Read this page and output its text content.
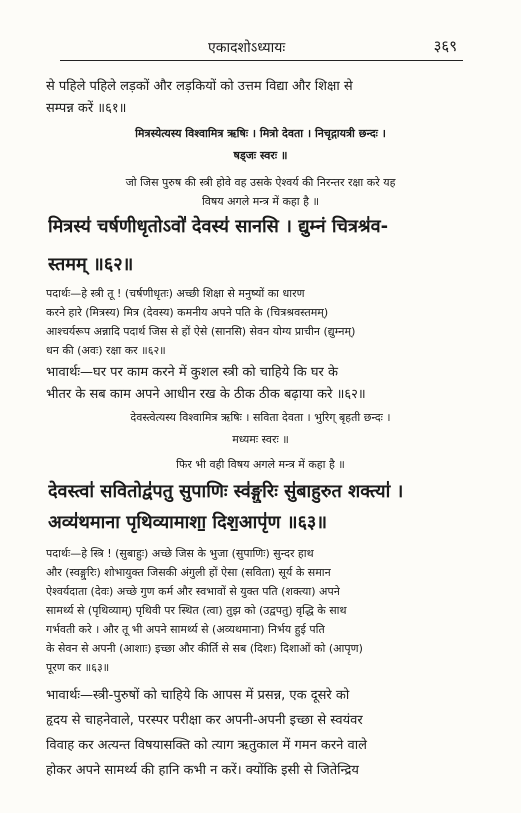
एकादशोऽध्यायः	३६९
से पहिले पहिले लड़कों और लड़कियों को उत्तम विद्या और शिक्षा से
सम्पन्न करें ॥६१॥
मित्रस्येत्यस्य विश्वामित्र ऋषिः । मित्रो देवता । निचृद्गायत्री छन्दः ।
षड्जः स्वरः ॥
जो जिस पुरुष की स्त्री होवे वह उसके ऐश्वर्य की निरन्तर रक्षा करे यह
विषय अगले मन्त्र में कहा है ॥
मित्रस्य॑ चर्षणीधृतोऽवो॑ देवस्य॑ सानसि । द्युम्नं चित्रश्र॑व-
स्तमम् ॥६२॥
पदार्थः—हे स्त्री तू ! (चर्षणीधृतः) अच्छी शिक्षा से मनुष्यों का धारण
करने हारे (मित्रस्य) मित्र (देवस्य) कमनीय अपने पति के (चित्रश्रवस्तमम्)
आश्चर्यरूप अन्नादि पदार्थ जिस से हों ऐसे (सानसि) सेवन योग्य प्राचीन (द्युम्नम्)
धन की (अवः) रक्षा कर ॥६२॥
भावार्थः—घर पर काम करने में कुशल स्त्री को चाहिये कि घर के
भीतर के सब काम अपने आधीन रख के ठीक ठीक बढ़ाया करे ॥६२॥
देवस्त्वेत्यस्य विश्वामित्र ऋषिः । सविता देवता । भुरिग् बृहती छन्दः ।
मध्यमः स्वरः ॥
फिर भी वही विषय अगले मन्त्र में कहा है ॥
देवस्त्वा॑ सवितोद्व॑पतु सुपाणिः स्व॑ङ्गुरिः सु॑बाहुरुत शक्त्या॑ ।
अव्य॑थमाना पृथिव्यामाशा॒ दिश॒आपृ॑ण ॥६३॥
पदार्थः—हे स्त्रि ! (सुबाहुः) अच्छे जिस के भुजा (सुपाणिः) सुन्दर हाथ
और (स्वङ्गुरिः) शोभायुक्त जिसकी अंगुली हों ऐसा (सविता) सूर्य के समान
ऐश्वर्यदाता (देवः) अच्छे गुण कर्म और स्वभावों से युक्त पति (शक्त्या) अपने
सामर्थ्य से (पृथिव्याम्) पृथिवी पर स्थित (त्वा) तुझ को (उद्वपतु) वृद्धि के साथ
गर्भवती करे । और तू भी अपने सामर्थ्य से (अव्यथमाना) निर्भय हुई पति
के सेवन से अपनी (आशाः) इच्छा और कीर्ति से सब (दिशः) दिशाओं को (आपृण)
पूरण कर ॥६३॥
भावार्थः—स्त्री-पुरुषों को चाहिये कि आपस में प्रसन्न, एक दूसरे को
हृदय से चाहनेवाले, परस्पर परीक्षा कर अपनी-अपनी इच्छा से स्वयंवर
विवाह कर अत्यन्त विषयासक्ति को त्याग ऋतुकाल में गमन करने वाले
होकर अपने सामर्थ्य की हानि कभी न करें। क्योंकि इसी से जितेन्द्रिय
